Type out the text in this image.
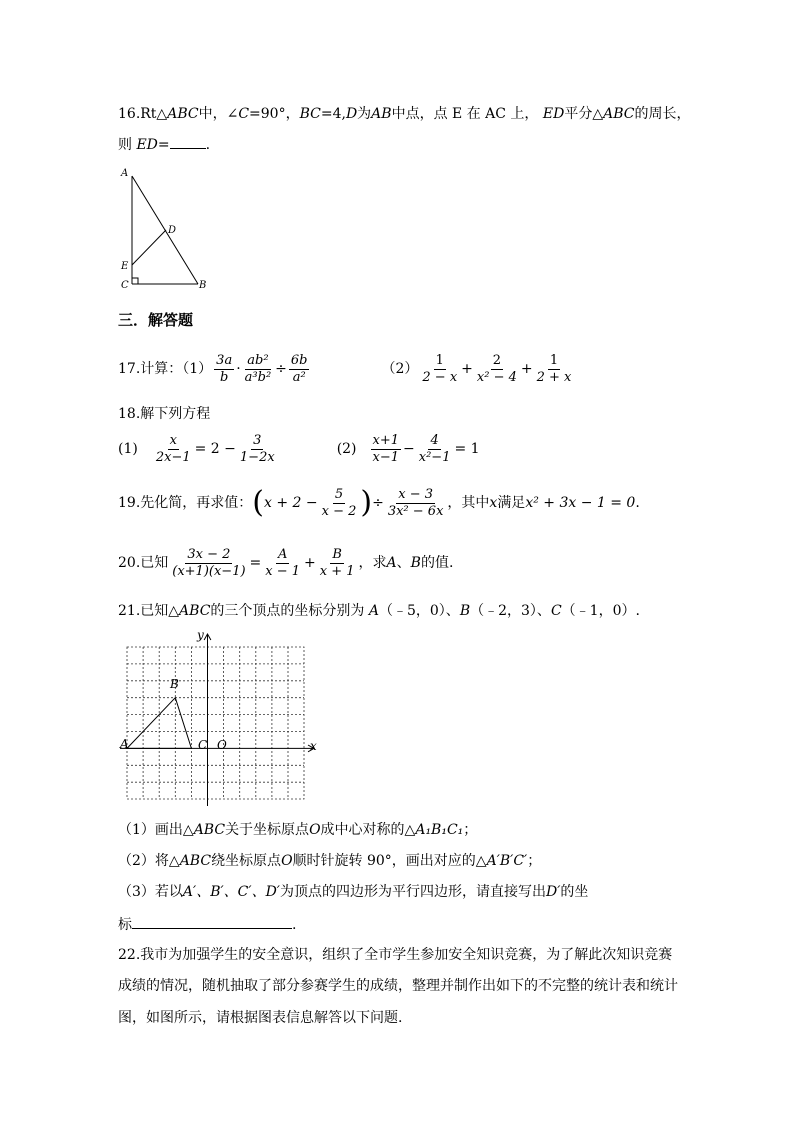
16.Rt△ABC中，∠C=90°，BC=4,D为AB中点，点 E 在 AC 上， ED平分△ABC的周长，
则 ED=	.
A
D
E
C	B
三．解答题
17.计算：$(1) \frac{3a}{b} \cdot \frac{\text{ab²}}{\text{a³b²}} \div \frac{6b}{\text{a²}}$	$(2) \frac{1}{2 - x} + \frac{2}{\text{x² − 4}} + \frac{1}{2 + x}$
18.解下列方程
$(1) \frac{x}{2x-1} = 2 - \frac{3}{1-2x}$	$(2) \frac{x+1}{x-1} - \frac{4}{\text{x²−1}} = 1$
19.先化简，再求值： ( $x + 2 - \frac{5}{x - 2}$ ) ÷ $\frac{x - 3}{\text{3x² − 6x}}$ ，其中 x 满足 x² + 3x − 1 = 0 .
20.已知 $\frac{3x - 2}{(x+1)(x-1)} = \frac{A}{x - 1} + \frac{B}{x + 1}$ ，求 A 、 B 的值.
21.已知△ABC的三个顶点的坐标分别为 A（﹣5，0）、B（﹣2，3）、C（﹣1，0）.
y
x
A
B
C O
（1）画出△ABC关于坐标原点O成中心对称的△A₁B₁C₁；
（2）将△ABC绕坐标原点O顺时针旋转 90°，画出对应的△A′B′C′；
（3）若以A′、B′、C′、D′为顶点的四边形为平行四边形，请直接写出D′的坐
标	.
22.我市为加强学生的安全意识，组织了全市学生参加安全知识竞赛，为了解此次知识竞赛
成绩的情况，随机抽取了部分参赛学生的成绩，整理并制作出如下的不完整的统计表和统计
图，如图所示，请根据图表信息解答以下问题.
